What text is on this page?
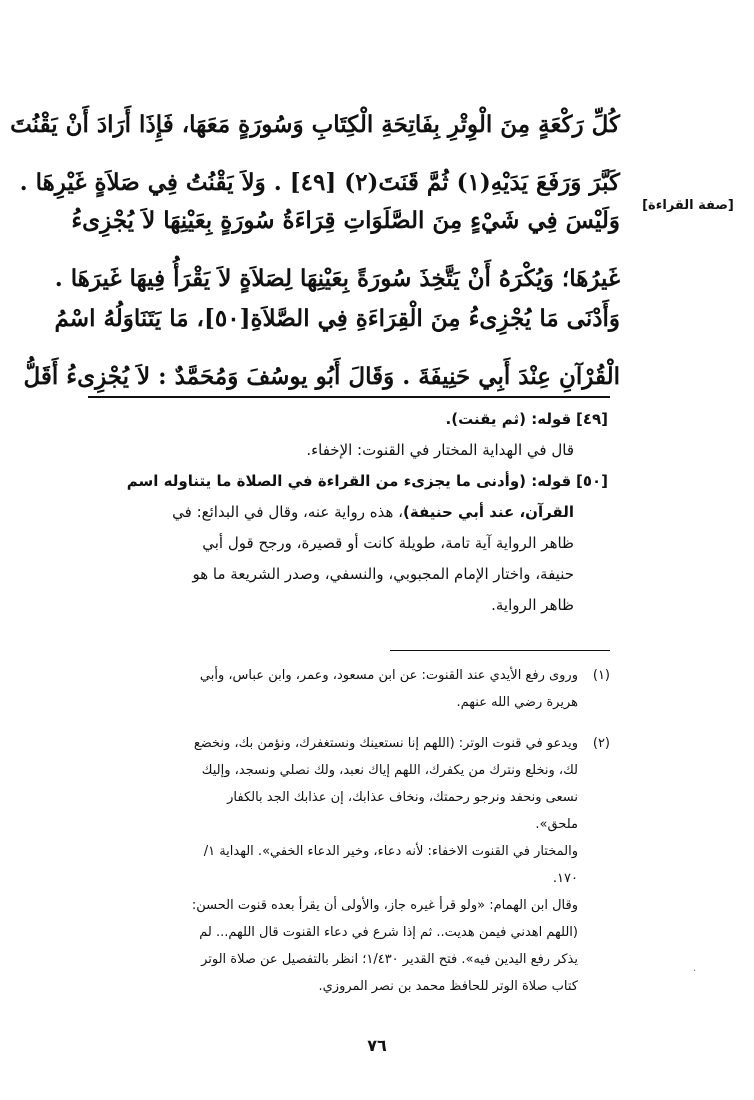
كُلِّ رَكْعَةٍ مِنَ الْوِتْرِ بِفَاتِحَةِ الْكِتَابِ وَسُورَةٍ مَعَهَا، فَإِذَا أَرَادَ أَنْ يَقْنُتَ
كَبَّرَ وَرَفَعَ يَدَيْهِ(١) ثُمَّ قَنَتَ(٢) [٤٩] . وَلاَ يَقْنُتُ فِي صَلاَةٍ غَيْرِهَا .
وَلَيْسَ فِي شَيْءٍ مِنَ الصَّلَوَاتِ قِرَاءَةُ سُورَةٍ بِعَيْنِهَا لاَ يُجْزِىءُ
غَيرُهَا؛ وَيُكْرَهُ أَنْ يَتَّخِذَ سُورَةً بِعَيْنِهَا لِصَلاَةٍ لاَ يَقْرَأُ فِيهَا غَيرَهَا .
وَأَدْنَى مَا يُجْزِىءُ مِنَ الْقِرَاءَةِ فِي الصَّلاَةِ[٥٠]، مَا يَتَنَاوَلُهُ اسْمُ
الْقُرْآنِ عِنْدَ أَبِي حَنِيفَةَ . وَقَالَ أَبُو يوسُفَ وَمُحَمَّدٌ : لاَ يُجْزِىءُ أَقَلُّ
[صفة القراءة]
[٤٩] قوله: (ثم يقنت).
قال في الهداية المختار في القنوت: الإخفاء.
[٥٠] قوله: (وأدنى ما يجزىء من القراءة في الصلاة ما يتناوله اسم
القرآن، عند أبي حنيفة)، هذه رواية عنه، وقال في البدائع: في
ظاهر الرواية آية تامة، طويلة كانت أو قصيرة، ورجح قول أبي
حنيفة، واختار الإمام المجبوبي، والنسفي، وصدر الشريعة ما هو
ظاهر الرواية.
(١)وروى رفع الأيدي عند القنوت: عن ابن مسعود، وعمر، وابن عباس، وأبي
هريرة رضي الله عنهم.
(٢)ويدعو في قنوت الوتر: (اللهم إنا نستعينك ونستغفرك، ونؤمن بك، ونخضع
لك، ونخلع ونترك من يكفرك، اللهم إياك نعبد، ولك نصلي ونسجد، وإليك
نسعى ونحفد ونرجو رحمتك، ونخاف عذابك، إن عذابك الجد بالكفار
ملحق».
والمختار في القنوت الاخفاء: لأنه دعاء، وخير الدعاء الخفي». الهداية ١/
١٧٠.
وقال ابن الهمام: «ولو قرأ غيره جاز، والأولى أن يقرأ بعده قنوت الحسن:
(اللهم اهدني فيمن هديت.. ثم إذا شرع في دعاء القنوت قال اللهم... لم
يذكر رفع اليدين فيه». فتح القدير ١/٤٣٠؛ انظر بالتفصيل عن صلاة الوتر
كتاب صلاة الوتر للحافظ محمد بن نصر المروزي.
·
٧٦
